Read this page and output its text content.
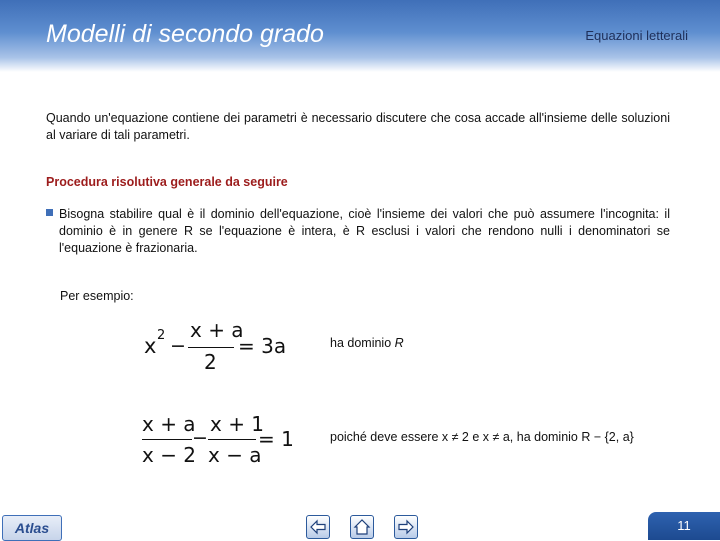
Modelli di secondo grado	Equazioni letterali
Quando un'equazione contiene dei parametri è necessario discutere che cosa accade all'insieme delle soluzioni al variare di tali parametri.
Procedura risolutiva generale da seguire
Bisogna stabilire qual è il dominio dell'equazione, cioè l'insieme dei valori che può assumere l'incognita: il dominio è in genere R se l'equazione è intera, è R esclusi i valori che rendono nulli i denominatori se l'equazione è frazionaria.
Per esempio:
x 2 −
x + a
2
= 3a	ha dominio R
x + a
x − 2
−
x + 1
x − a
= 1	poiché deve essere x ≠ 2 e x ≠ a, ha dominio R − {2, a}
Atlas	11
